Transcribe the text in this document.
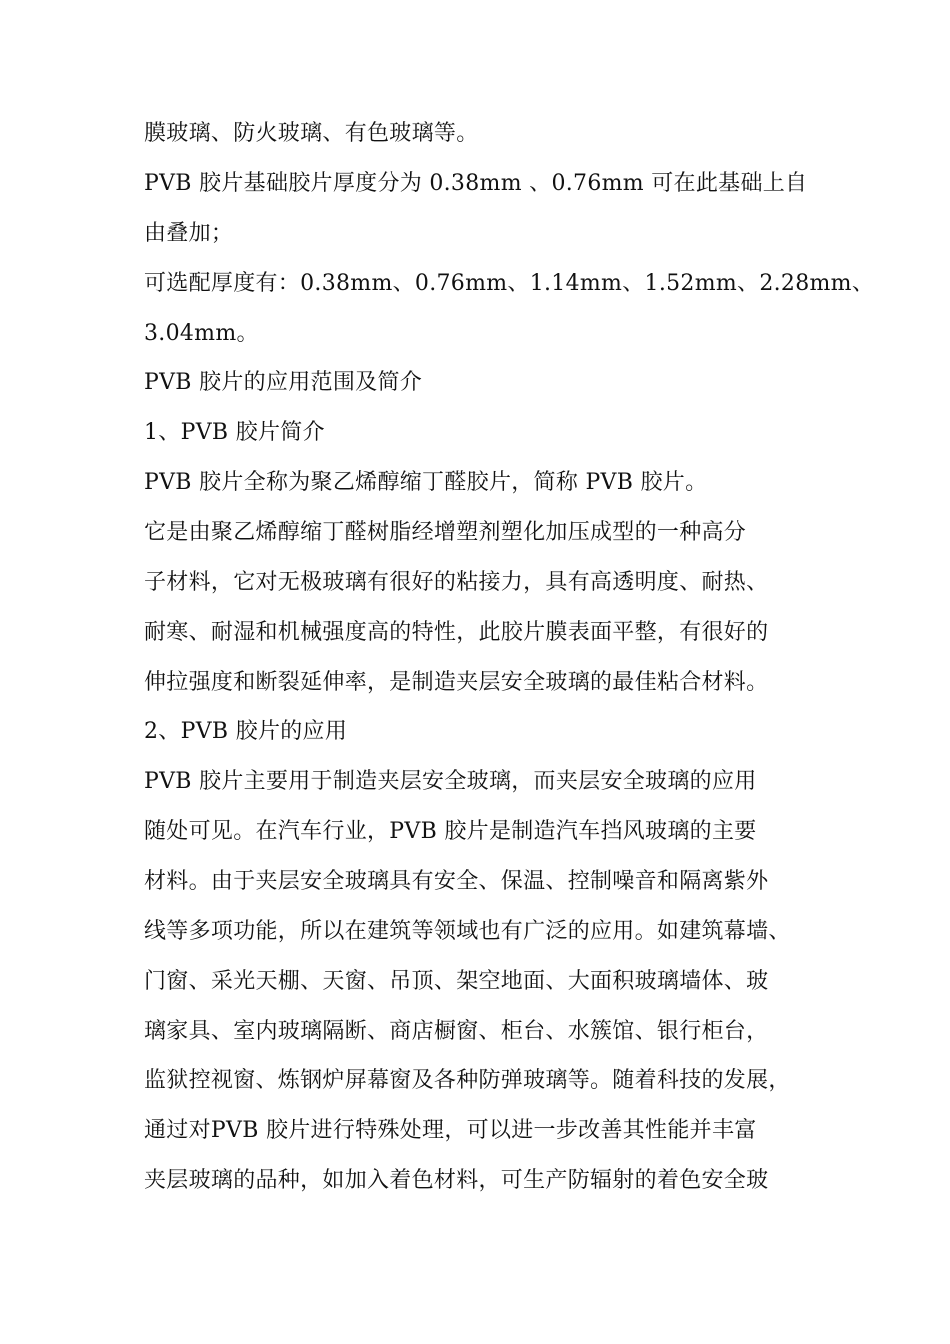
膜玻璃、防火玻璃、有色玻璃等。
PVB 胶片基础胶片厚度分为 0.38mm 、0.76mm 可在此基础上自
由叠加；
可选配厚度有：0.38mm、0.76mm、1.14mm、1.52mm、2.28mm、
3.04mm。
PVB 胶片的应用范围及简介
1、PVB 胶片简介
PVB 胶片全称为聚乙烯醇缩丁醛胶片，简称 PVB 胶片。
它是由聚乙烯醇缩丁醛树脂经增塑剂塑化加压成型的一种高分
子材料，它对无极玻璃有很好的粘接力，具有高透明度、耐热、
耐寒、耐湿和机械强度高的特性，此胶片膜表面平整，有很好的
伸拉强度和断裂延伸率，是制造夹层安全玻璃的最佳粘合材料。
2、PVB 胶片的应用
PVB 胶片主要用于制造夹层安全玻璃，而夹层安全玻璃的应用
随处可见。在汽车行业，PVB 胶片是制造汽车挡风玻璃的主要
材料。由于夹层安全玻璃具有安全、保温、控制噪音和隔离紫外
线等多项功能，所以在建筑等领域也有广泛的应用。如建筑幕墙、
门窗、采光天棚、天窗、吊顶、架空地面、大面积玻璃墙体、玻
璃家具、室内玻璃隔断、商店橱窗、柜台、水簇馆、银行柜台，
监狱控视窗、炼钢炉屏幕窗及各种防弹玻璃等。随着科技的发展，
通过对PVB 胶片进行特殊处理，可以进一步改善其性能并丰富
夹层玻璃的品种，如加入着色材料，可生产防辐射的着色安全玻
